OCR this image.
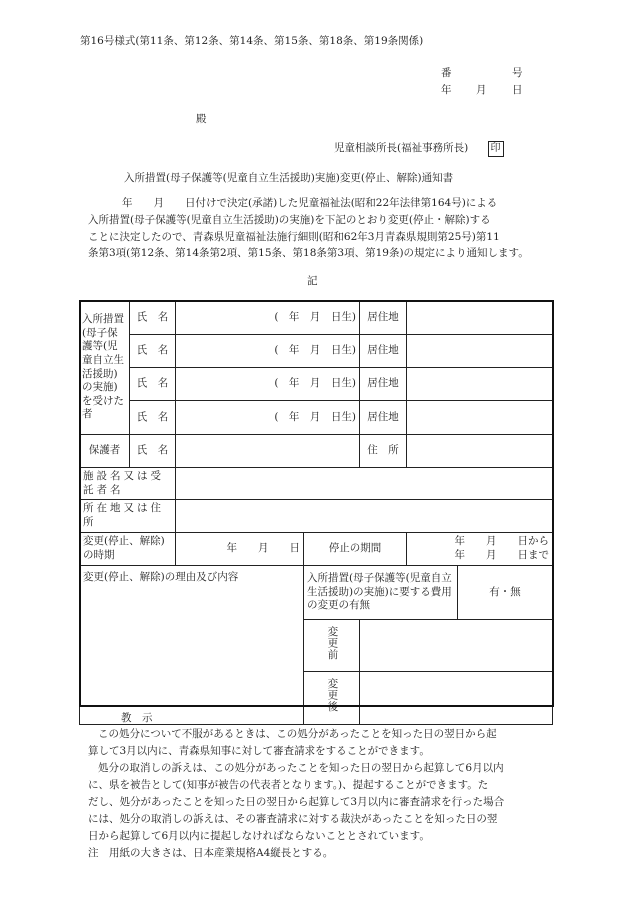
第16号様式(第11条、第12条、第14条、第15条、第18条、第19条関係)
番	号
年 月 日
殿
児童相談所長(福祉事務所長) 印
入所措置(母子保護等(児童自立生活援助)実施)変更(停止、解除)通知書
年　　月　　日付けで決定(承諾)した児童福祉法(昭和22年法律第164号)による
入所措置(母子保護等(児童自立生活援助)の実施)を下記のとおり変更(停止・解除)する
ことに決定したので、青森県児童福祉法施行細則(昭和62年3月青森県規則第25号)第11
条第3項(第12条、第14条第2項、第15条、第18条第3項、第19条)の規定により通知します。
記
入所措置(母子保護等(児童自立生活援助)の実施)を受けた者	氏　名	(　年　月　日生)		居住地		
	氏　名	(　年　月　日生)		居住地		
	氏　名	(　年　月　日生)		居住地		
	氏　名	(　年　月　日生)		居住地		
保護者	氏　名			住　所		
施設名又は受託者名						
所在地又は住所						
変更(停止、解除)の時期		年　　月　　日	停止の期間		年　　月　　日から
年　　月　　日まで	

変更(停止、解除)の理由及び内容			入所措置(母子保護等(児童自立生活援助)の実施)に要する費用の変更の有無			有・無
			変更前			
			変更後			
教　示
この処分について不服があるときは、この処分があったことを知った日の翌日から起
算して3月以内に、青森県知事に対して審査請求をすることができます。
処分の取消しの訴えは、この処分があったことを知った日の翌日から起算して6月以内
に、県を被告として(知事が被告の代表者となります。)、提起することができます。た
だし、処分があったことを知った日の翌日から起算して3月以内に審査請求を行った場合
には、処分の取消しの訴えは、その審査請求に対する裁決があったことを知った日の翌
日から起算して6月以内に提起しなければならないこととされています。
注　用紙の大きさは、日本産業規格A4縦長とする。
